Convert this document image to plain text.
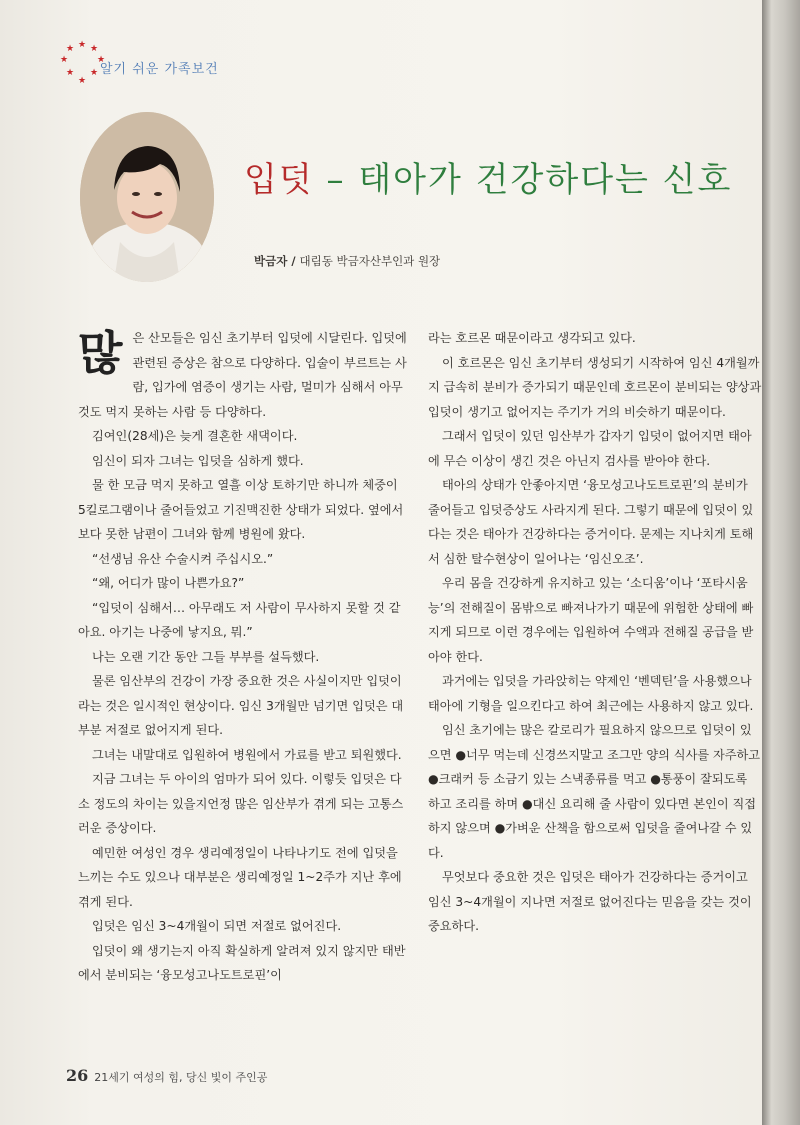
★ ★
★
★
★
★
★
★
알기 쉬운 가족보건
입덧 – 태아가 건강하다는 신호
박금자 / 대림동 박금자산부인과 원장
많 은 산모들은 임신 초기부터 입덧에 시달린다. 입덧에 관련된 증상은 참으로 다양하다. 입술이 부르트는 사람, 입가에 염증이 생기는 사람, 멀미가 심해서 아무 것도 먹지 못하는 사람 등 다양하다.

김여인(28세)은 늦게 결혼한 새댁이다.

임신이 되자 그녀는 입덧을 심하게 했다.

물 한 모금 먹지 못하고 열흘 이상 토하기만 하니까 체중이 5킬로그램이나 줄어들었고 기진맥진한 상태가 되었다. 옆에서 보다 못한 남편이 그녀와 함께 병원에 왔다.

“선생님 유산 수술시켜 주십시오.”

“왜, 어디가 많이 나쁜가요?”

“입덧이 심해서… 아무래도 저 사람이 무사하지 못할 것 같아요. 아기는 나중에 낳지요, 뭐.”

나는 오랜 기간 동안 그들 부부를 설득했다.

물론 임산부의 건강이 가장 중요한 것은 사실이지만 입덧이라는 것은 일시적인 현상이다. 임신 3개월만 넘기면 입덧은 대부분 저절로 없어지게 된다.

그녀는 내말대로 입원하여 병원에서 가료를 받고 퇴원했다.

지금 그녀는 두 아이의 엄마가 되어 있다. 이렇듯 입덧은 다소 정도의 차이는 있을지언정 많은 임산부가 겪게 되는 고통스러운 증상이다.

예민한 여성인 경우 생리예정일이 나타나기도 전에 입덧을 느끼는 수도 있으나 대부분은 생리예정일 1~2주가 지난 후에 겪게 된다.

입덧은 임신 3~4개월이 되면 저절로 없어진다.

입덧이 왜 생기는지 아직 확실하게 알려져 있지 않지만 태반에서 분비되는 ‘융모성고나도트로핀’이

라는 호르몬 때문이라고 생각되고 있다.

이 호르몬은 임신 초기부터 생성되기 시작하여 임신 4개월까지 급속히 분비가 증가되기 때문인데 호르몬이 분비되는 양상과 입덧이 생기고 없어지는 주기가 거의 비슷하기 때문이다.

그래서 입덧이 있던 임산부가 갑자기 입덧이 없어지면 태아에 무슨 이상이 생긴 것은 아닌지 검사를 받아야 한다.

태아의 상태가 안좋아지면 ‘융모성고나도트로핀’의 분비가 줄어들고 입덧증상도 사라지게 된다. 그렇기 때문에 입덧이 있다는 것은 태아가 건강하다는 증거이다. 문제는 지나치게 토해서 심한 탈수현상이 일어나는 ‘임신오조’.

우리 몸을 건강하게 유지하고 있는 ‘소디움’이나 ‘포타시움능’의 전해질이 몸밖으로 빠져나가기 때문에 위험한 상태에 빠지게 되므로 이런 경우에는 입원하여 수액과 전해질 공급을 받아야 한다.

과거에는 입덧을 가라앉히는 약제인 ‘벤덱틴’을 사용했으나 태아에 기형을 일으킨다고 하여 최근에는 사용하지 않고 있다.

임신 초기에는 많은 칼로리가 필요하지 않으므로 입덧이 있으면 ●너무 먹는데 신경쓰지말고 조그만 양의 식사를 자주하고 ●크래커 등 소금기 있는 스낵종류를 먹고 ●통풍이 잘되도록 하고 조리를 하며 ●대신 요리해 줄 사람이 있다면 본인이 직접하지 않으며 ●가벼운 산책을 함으로써 입덧을 줄여나갈 수 있다.

무엇보다 중요한 것은 입덧은 태아가 건강하다는 증거이고 임신 3~4개월이 지나면 저절로 없어진다는 믿음을 갖는 것이 중요하다.

26 21세기 여성의 힘, 당신 빛이 주인공
